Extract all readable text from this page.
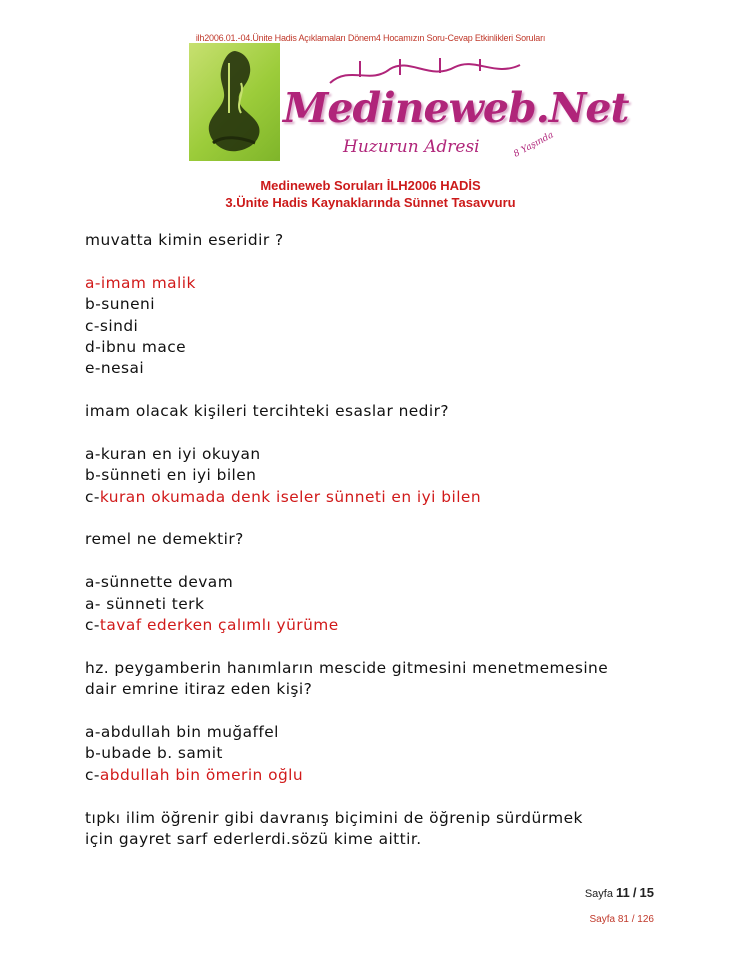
ilh2006.01.-04.Ünite Hadis Açıklamaları Dönem4 Hocamızın Soru-Cevap Etkinlikleri Soruları
Medineweb.Net
Huzurun Adresi	8 Yaşında
Medineweb Soruları İLH2006 HADİS
3.Ünite Hadis Kaynaklarında Sünnet Tasavvuru
muvatta kimin eseridir ?
a-imam malik
b-suneni
c-sindi
d-ibnu mace
e-nesai
imam olacak kişileri tercihteki esaslar nedir?
a-kuran en iyi okuyan
b-sünneti en iyi bilen
c-kuran okumada denk iseler sünneti en iyi bilen
remel ne demektir?
a-sünnette devam
a- sünneti terk
c-tavaf ederken çalımlı yürüme
hz. peygamberin hanımların mescide gitmesini menetmemesine
dair emrine itiraz eden kişi?
a-abdullah bin muğaffel
b-ubade b. samit
c-abdullah bin ömerin oğlu
tıpkı ilim öğrenir gibi davranış biçimini de öğrenip sürdürmek
için gayret sarf ederlerdi.sözü kime aittir.
Sayfa 11 / 15
Sayfa 81 / 126
